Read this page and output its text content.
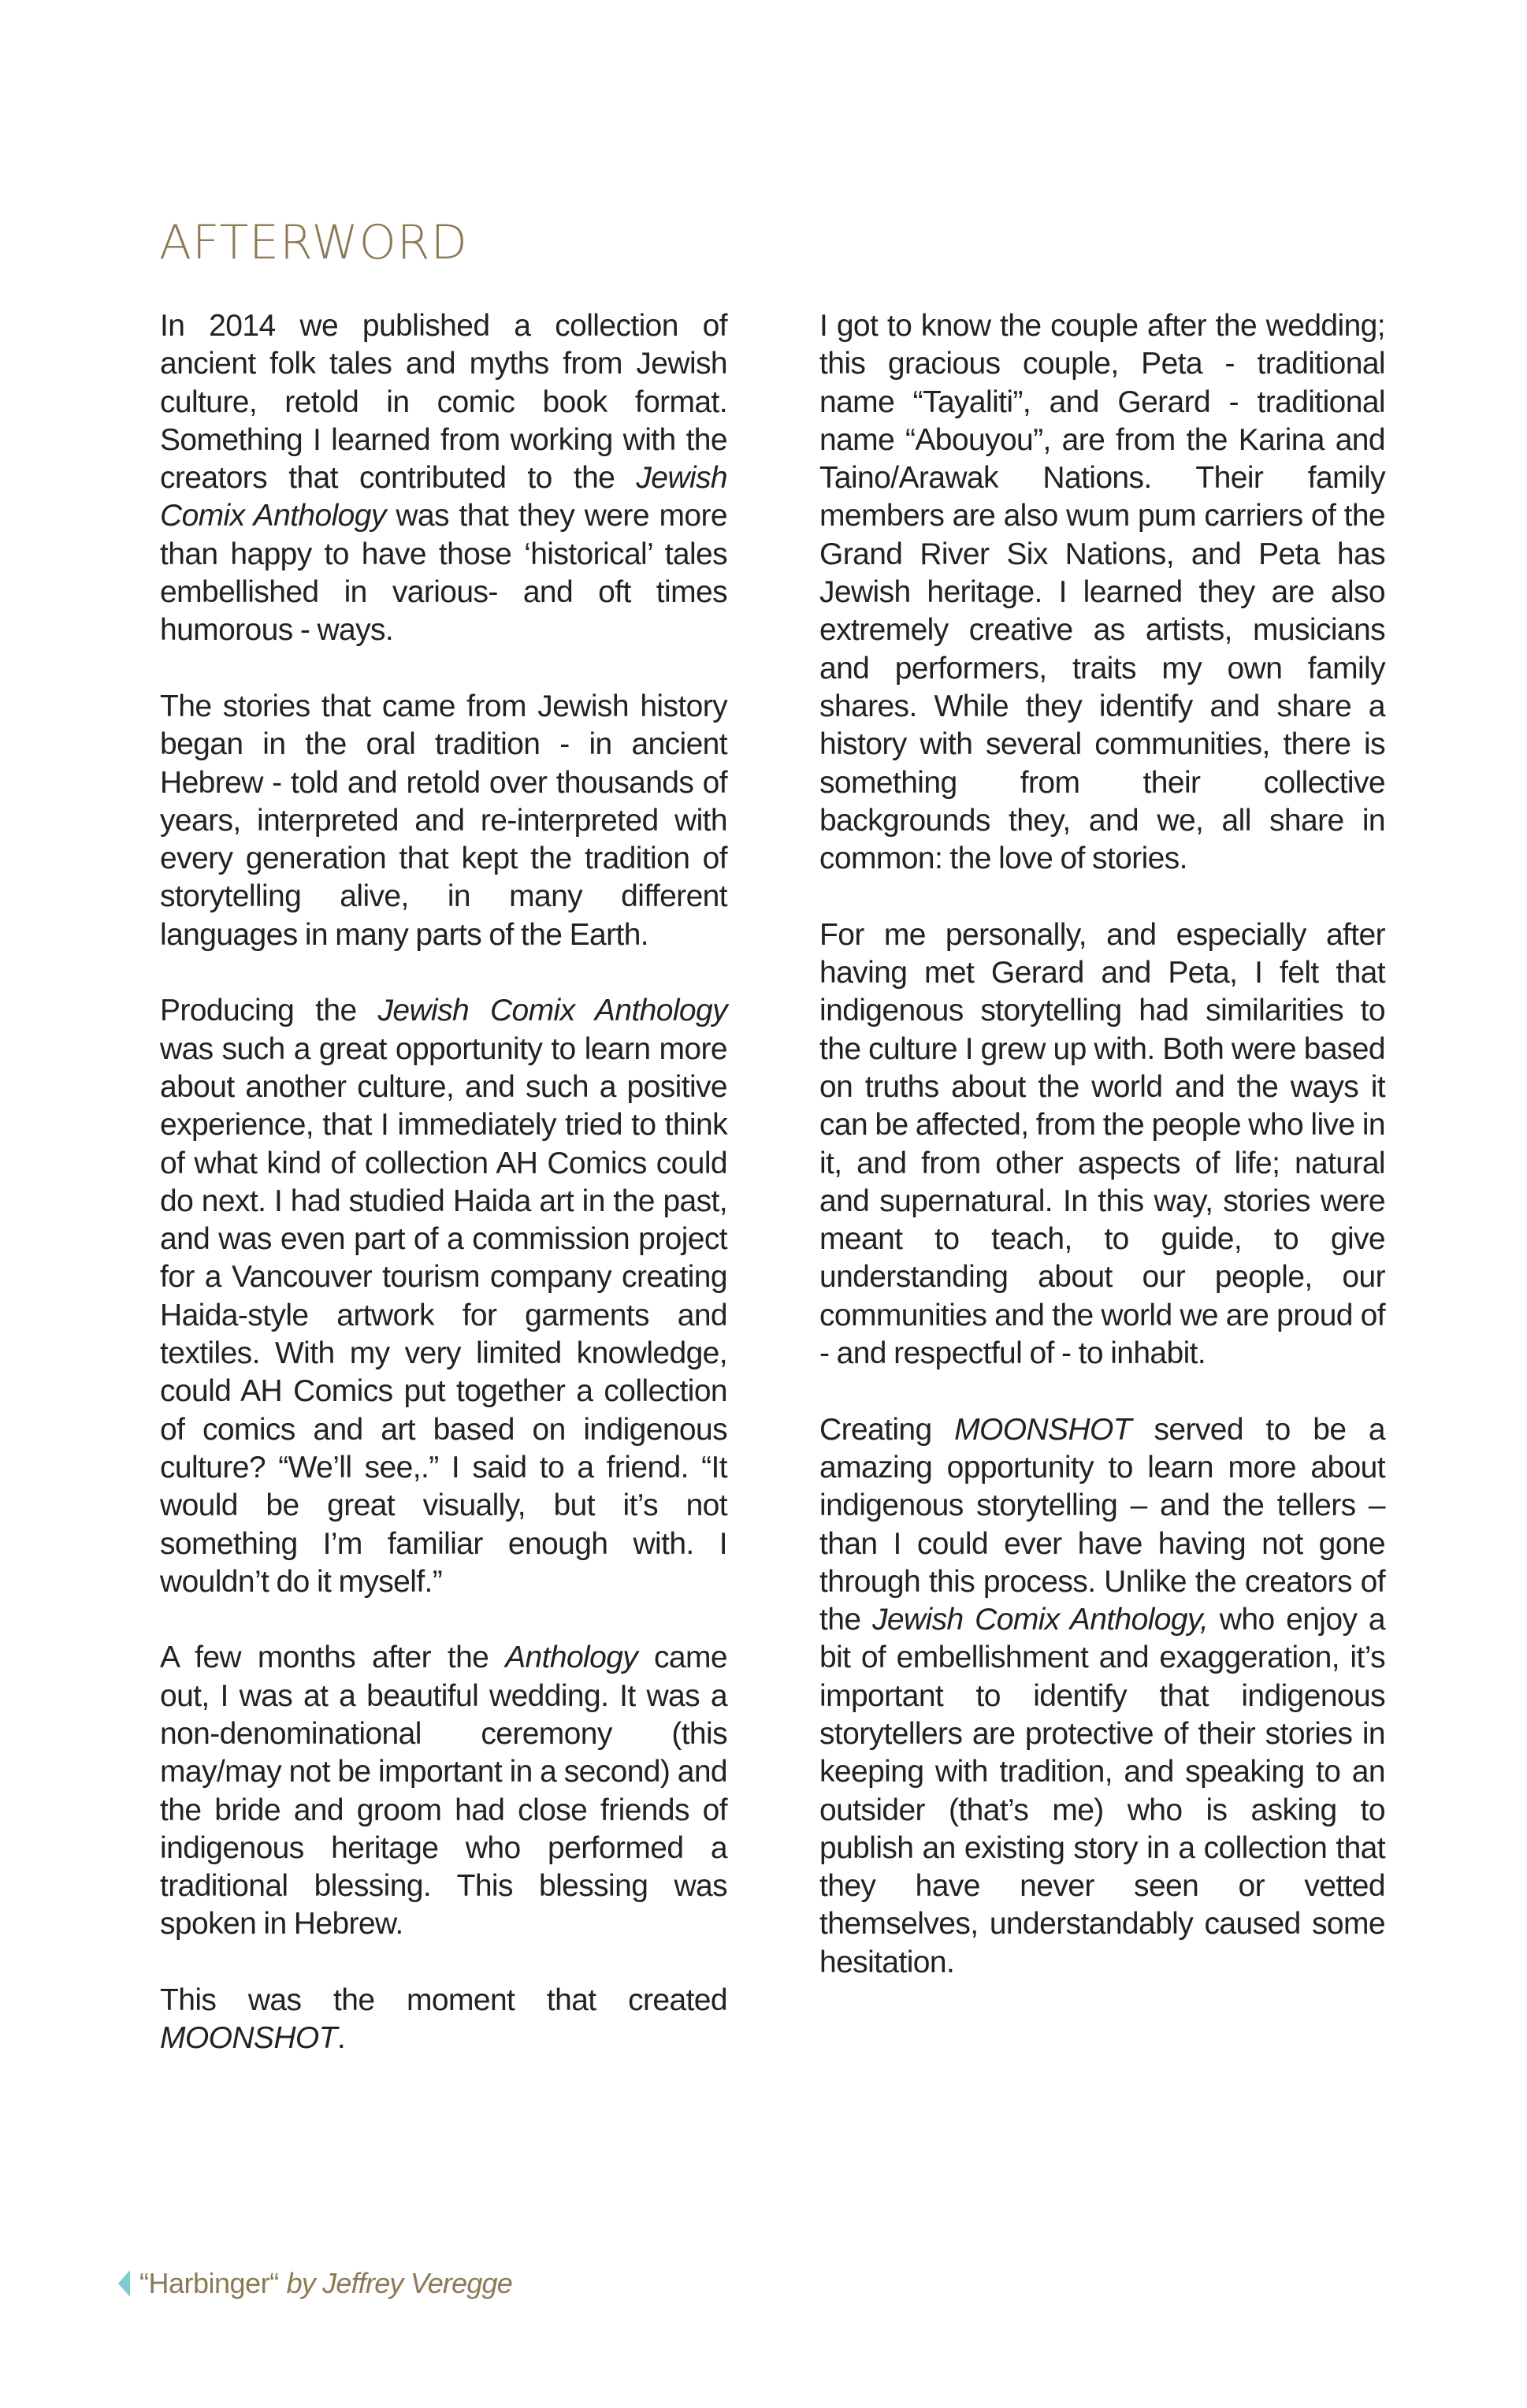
AFTERWORD

In 2014 we published a collection of ancient folk tales and myths from Jewish culture, retold in comic book format. Something I learned from working with the creators that contributed to the Jewish Comix Anthology was that they were more than happy to have those ‘historical’ tales embellished in various- and oft times humorous - ways.

The stories that came from Jewish history began in the oral tradition - in ancient Hebrew - told and retold over thousands of years, interpreted and re-interpreted with every generation that kept the tradition of storytelling alive, in many different languages in many parts of the Earth.

Producing the Jewish Comix Anthology was such a great opportunity to learn more about another culture, and such a positive experience, that I immediately tried to think of what kind of collection AH Comics could do next. I had studied Haida art in the past, and was even part of a commission project for a Vancouver tourism company creating Haida-style artwork for garments and textiles. With my very limited knowledge, could AH Comics put together a collection of comics and art based on indigenous culture? “We’ll see,.” I said to a friend. “It would be great visually, but it’s not something I’m familiar enough with. I wouldn’t do it myself.”

A few months after the Anthology came out, I was at a beautiful wedding. It was a non-denominational ceremony (this may/may not be important in a second) and the bride and groom had close friends of indigenous heritage who performed a traditional blessing. This blessing was spoken in Hebrew.

This was the moment that created MOONSHOT.

I got to know the couple after the wedding; this gracious couple, Peta - traditional name “Tayaliti”, and Gerard - traditional name “Abouyou”, are from the Karina and Taino/Arawak Nations. Their family members are also wum pum carriers of the Grand River Six Nations, and Peta has Jewish heritage. I learned they are also extremely creative as artists, musicians and performers, traits my own family shares. While they identify and share a history with several communities, there is something from their collective backgrounds they, and we, all share in common: the love of stories.

For me personally, and especially after having met Gerard and Peta, I felt that indigenous storytelling had similarities to the culture I grew up with. Both were based on truths about the world and the ways it can be affected, from the people who live in it, and from other aspects of life; natural and supernatural. In this way, stories were meant to teach, to guide, to give understanding about our people, our communities and the world we are proud of - and respectful of - to inhabit.

Creating MOONSHOT served to be a amazing opportunity to learn more about indigenous storytelling – and the tellers – than I could ever have having not gone through this process. Unlike the creators of the Jewish Comix Anthology, who enjoy a bit of embellishment and exaggeration, it’s important to identify that indigenous storytellers are protective of their stories in keeping with tradition, and speaking to an outsider (that’s me) who is asking to publish an existing story in a collection that they have never seen or vetted themselves, understandably caused some hesitation.

“Harbinger“ by Jeffrey Veregge
